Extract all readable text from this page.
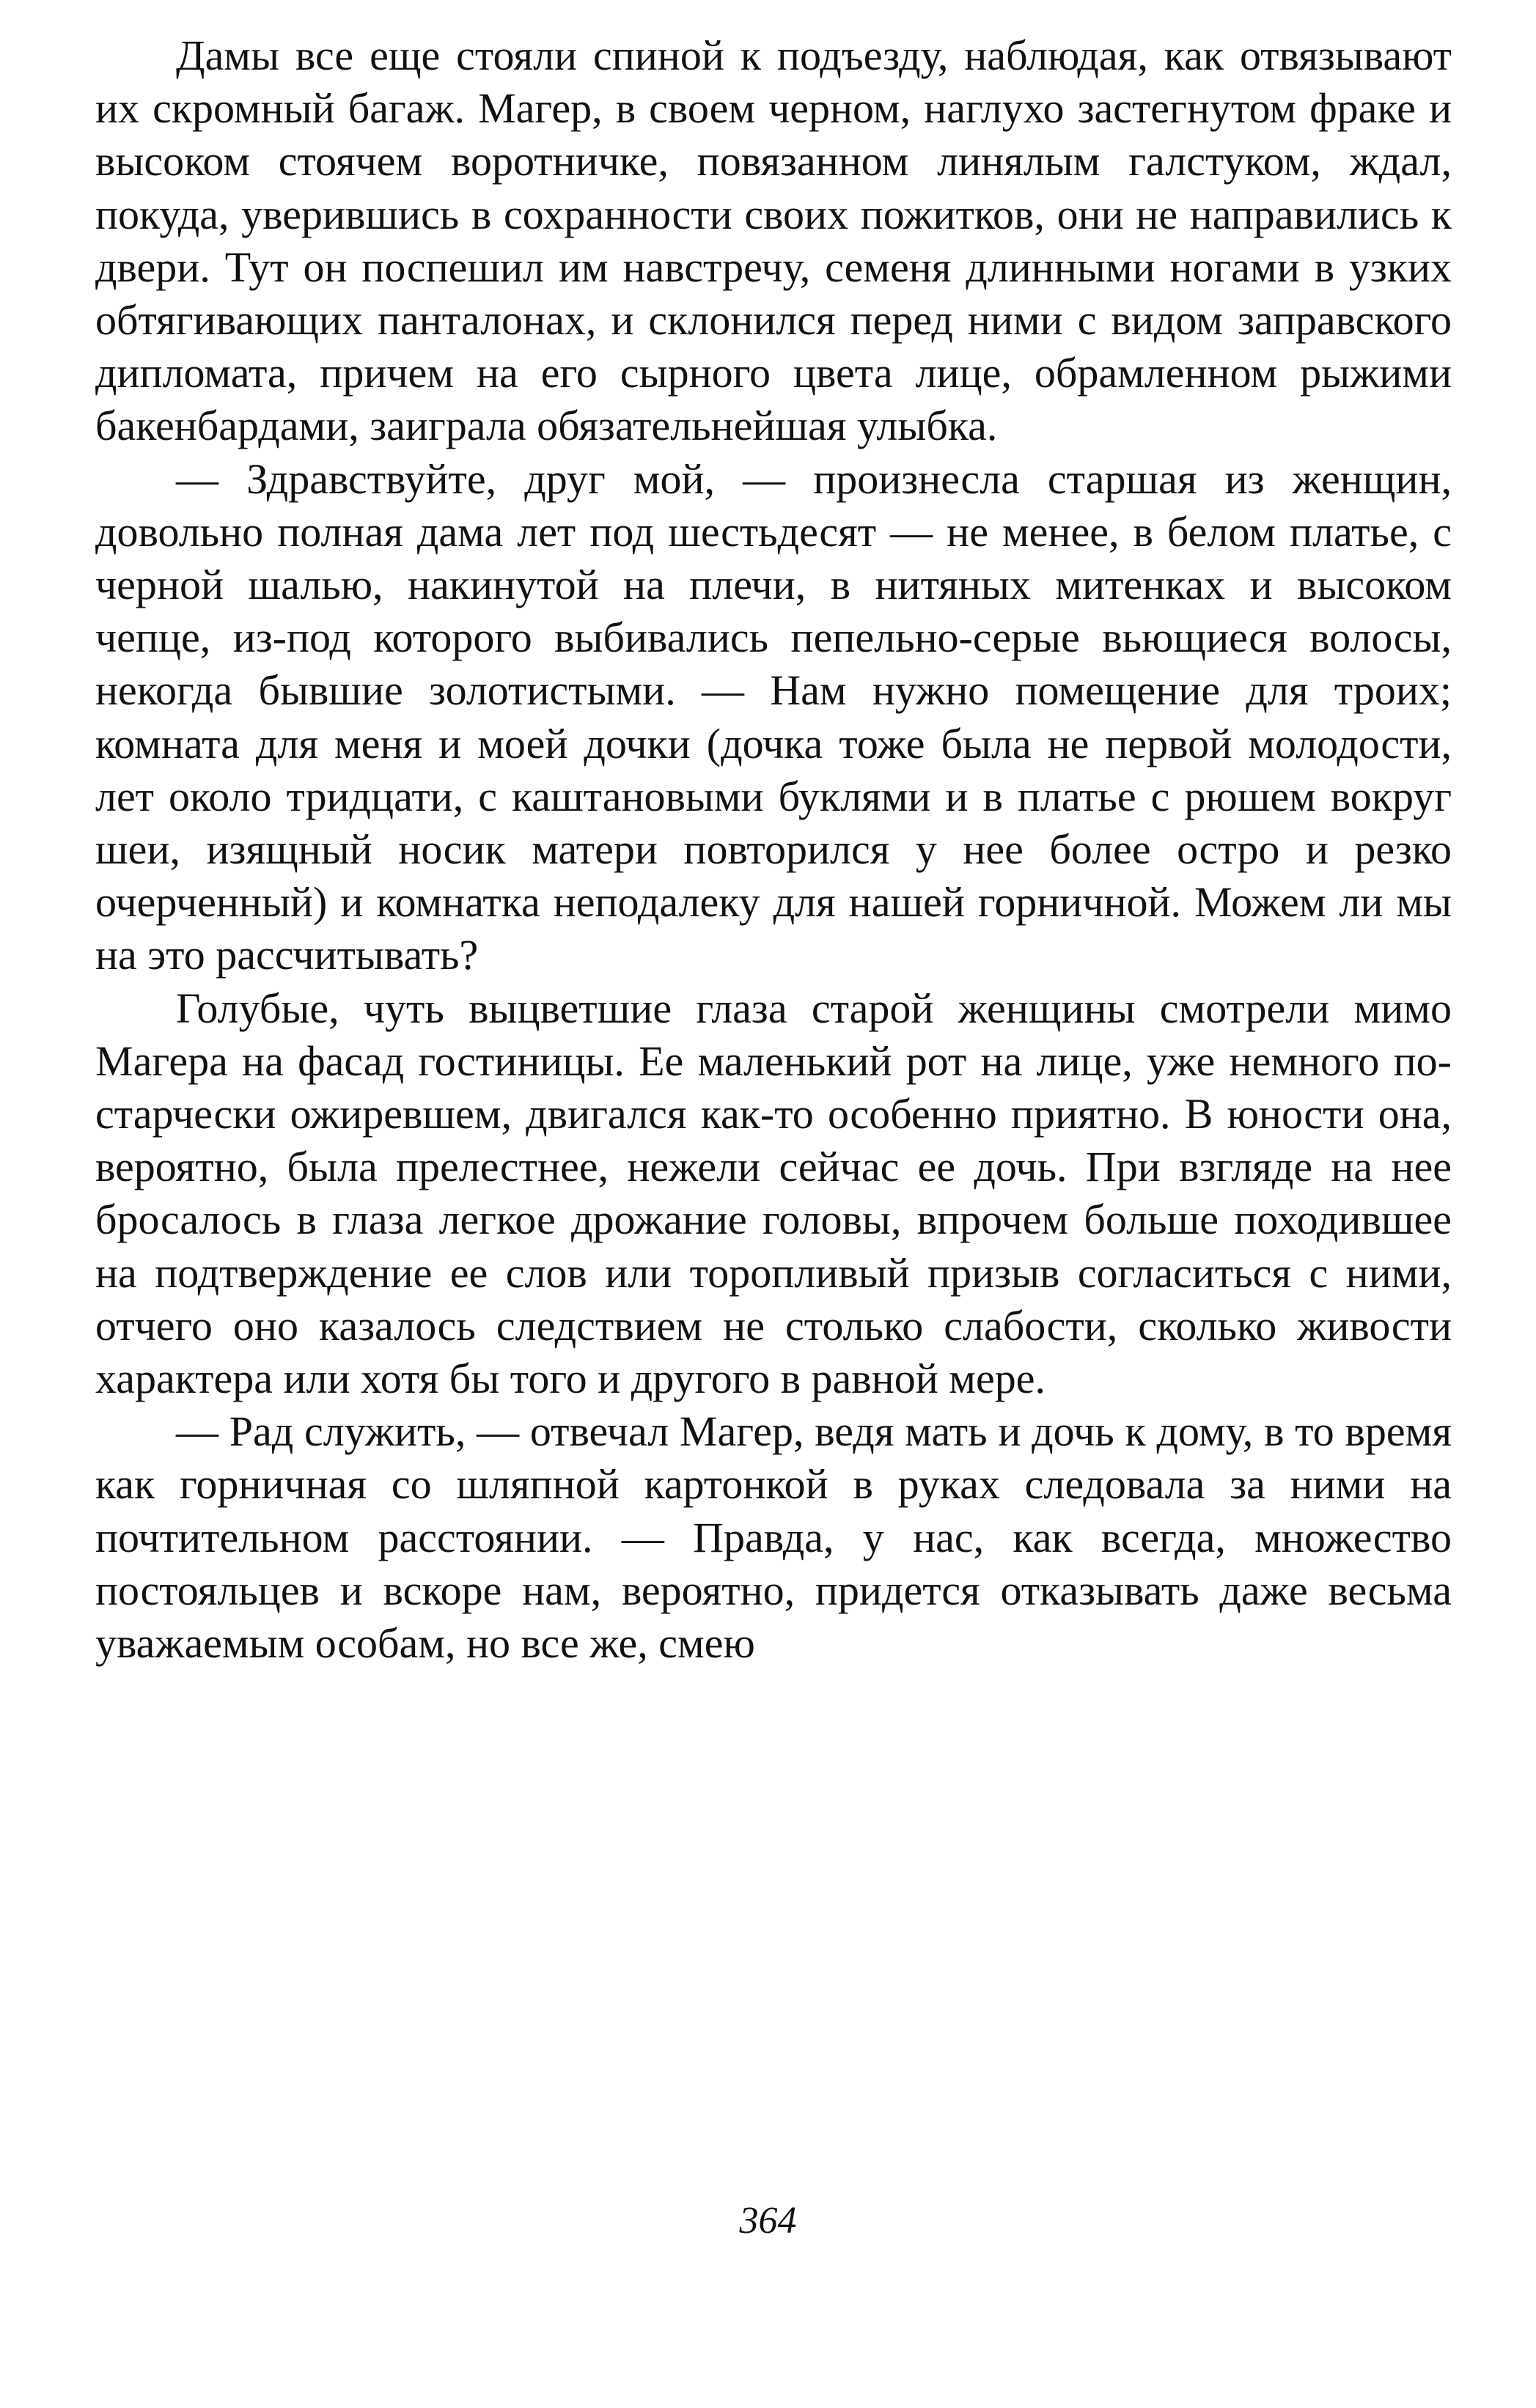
Дамы все еще стояли спиной к подъезду, наблюдая, как отвязывают их скромный багаж. Магер, в своем черном, наглухо застегнутом фраке и высоком стоячем воротничке, повязанном линялым галстуком, ждал, покуда, уверившись в сохранности своих пожитков, они не направились к двери. Тут он поспешил им навстречу, семеня длинными ногами в узких обтягивающих панталонах, и склонился перед ними с видом заправского дипломата, причем на его сырного цвета лице, обрамленном рыжими бакенбардами, заиграла обязательнейшая улыбка.

— Здравствуйте, друг мой, — произнесла старшая из женщин, довольно полная дама лет под шестьдесят — не менее, в белом платье, с черной шалью, накинутой на плечи, в нитяных митенках и высоком чепце, из-под которого выбивались пепельно-серые вьющиеся волосы, некогда бывшие золотистыми. — Нам нужно помещение для троих; комната для меня и моей дочки (дочка тоже была не первой молодости, лет около тридцати, с каштановыми буклями и в платье с рюшем вокруг шеи, изящный носик матери повторился у нее более остро и резко очерченный) и комнатка неподалеку для нашей горничной. Можем ли мы на это рассчитывать?

Голубые, чуть выцветшие глаза старой женщины смотрели мимо Магера на фасад гостиницы. Ее маленький рот на лице, уже немного по-старчески ожиревшем, двигался как-то особенно приятно. В юности она, вероятно, была прелестнее, нежели сейчас ее дочь. При взгляде на нее бросалось в глаза легкое дрожание головы, впрочем больше походившее на подтверждение ее слов или торопливый призыв согласиться с ними, отчего оно казалось следствием не столько слабости, сколько живости характера или хотя бы того и другого в равной мере.

— Рад служить, — отвечал Магер, ведя мать и дочь к дому, в то время как горничная со шляпной картонкой в руках следовала за ними на почтительном расстоянии. — Правда, у нас, как всегда, множество постояльцев и вскоре нам, вероятно, придется отказывать даже весьма уважаемым особам, но все же, смею

364
